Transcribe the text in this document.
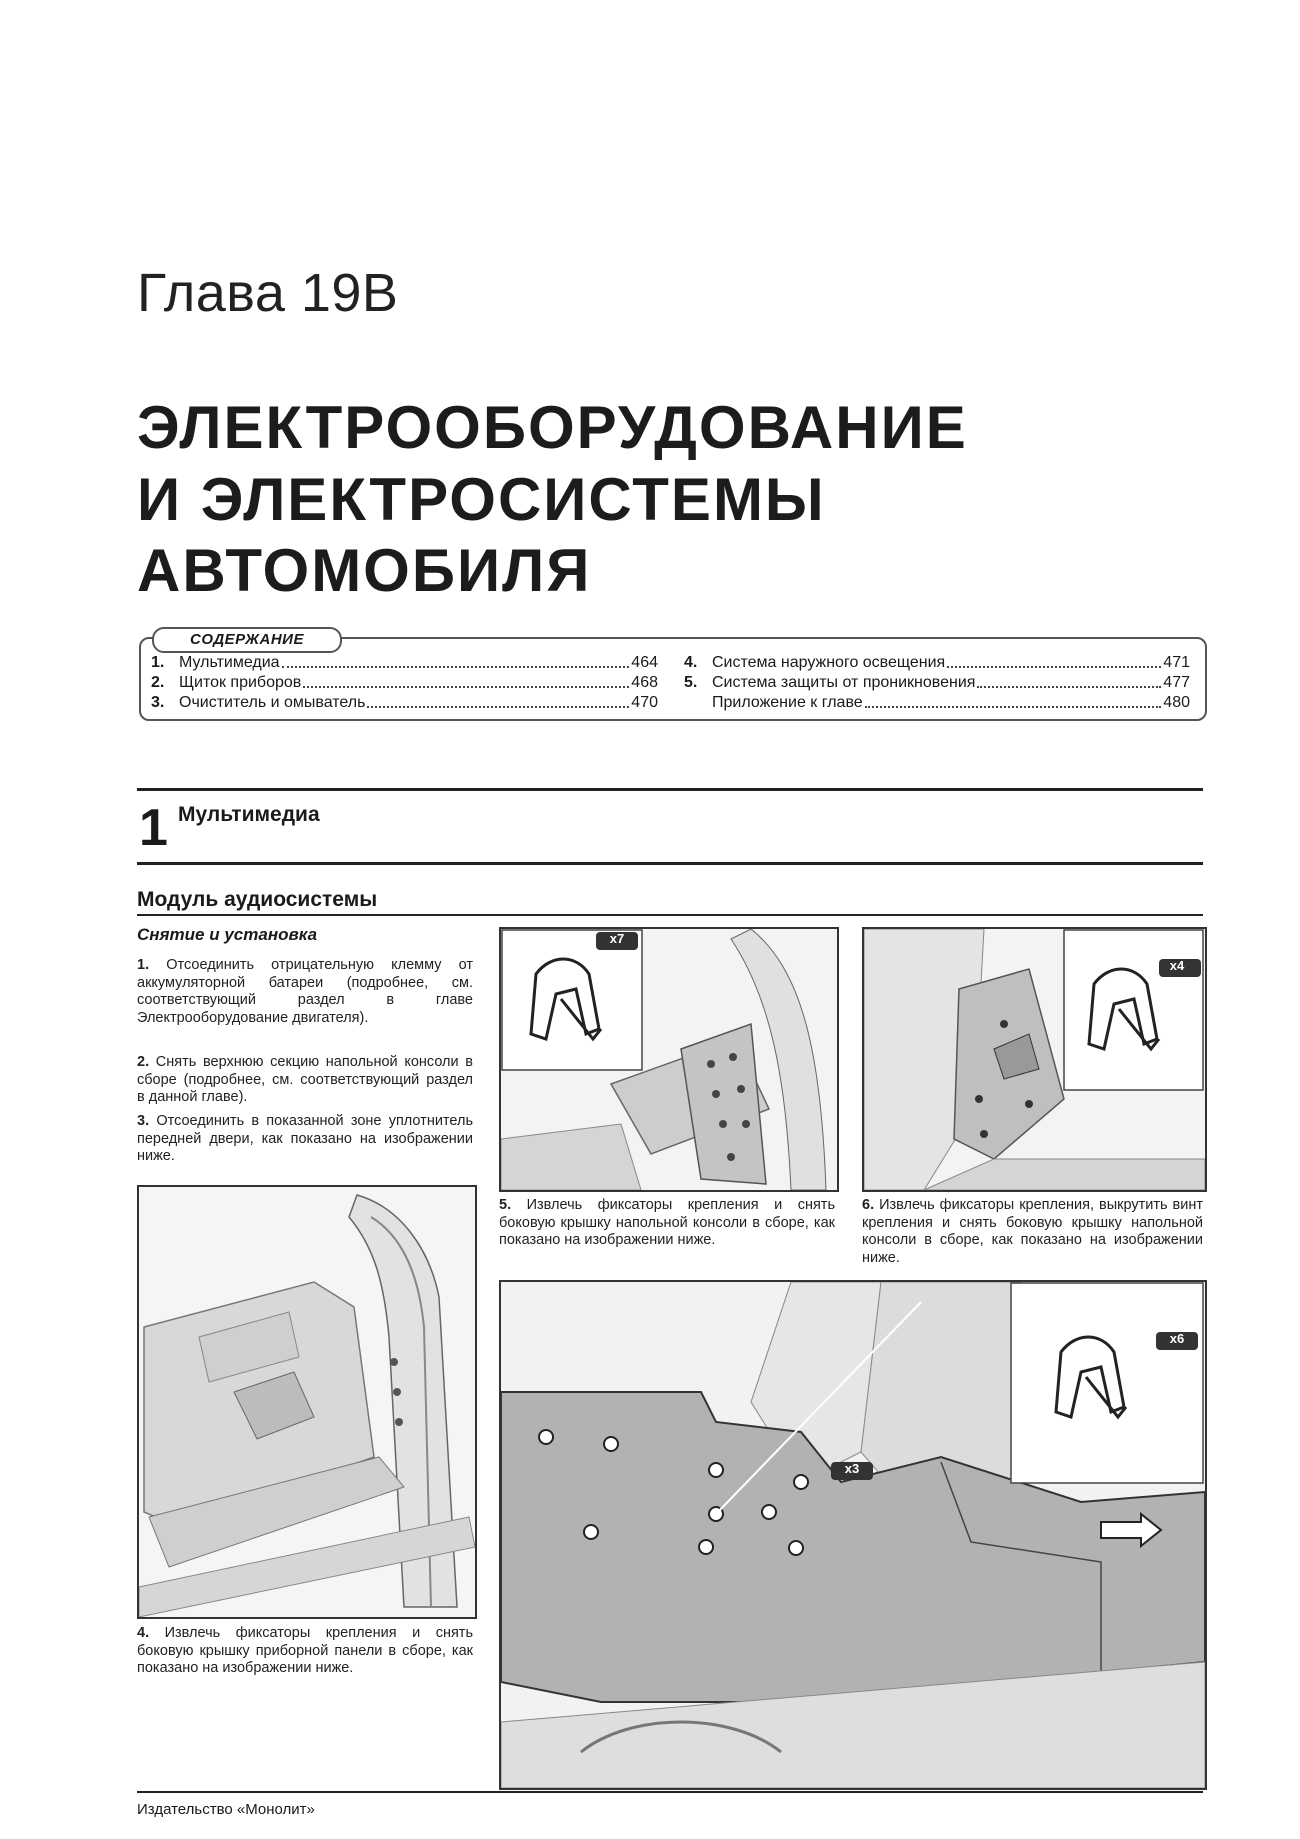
Глава 19В
ЭЛЕКТРООБОРУДОВАНИЕ
И ЭЛЕКТРОСИСТЕМЫ
АВТОМОБИЛЯ
СОДЕРЖАНИЕ
1. Мультимедиа	464
2. Щиток приборов	468
3. Очиститель и омыватель	470
4. Система наружного освещения	471
5. Система защиты от проникновения	477
Приложение к главе	480
1 Мультимедиа
Модуль аудиосистемы
Снятие и установка
1. Отсоединить отрицательную клемму от аккумуляторной батареи (подробнее, см. соответствующий раздел в главе Электрооборудование двигателя).
2. Снять верхнюю секцию напольной консоли в сборе (подробнее, см. соответствующий раздел в данной главе).
3. Отсоединить в показанной зоне уплотнитель передней двери, как показано на изображении ниже.
4. Извлечь фиксаторы крепления и снять боковую крышку приборной панели в сборе, как показано на изображении ниже.
x7
5. Извлечь фиксаторы крепления и снять боковую крышку напольной консоли в сборе, как показано на изображении ниже.
x4
6. Извлечь фиксаторы крепления, выкрутить винт крепления и снять боковую крышку напольной консоли в сборе, как показано на изображении ниже.
x6
x3
Издательство «Монолит»
